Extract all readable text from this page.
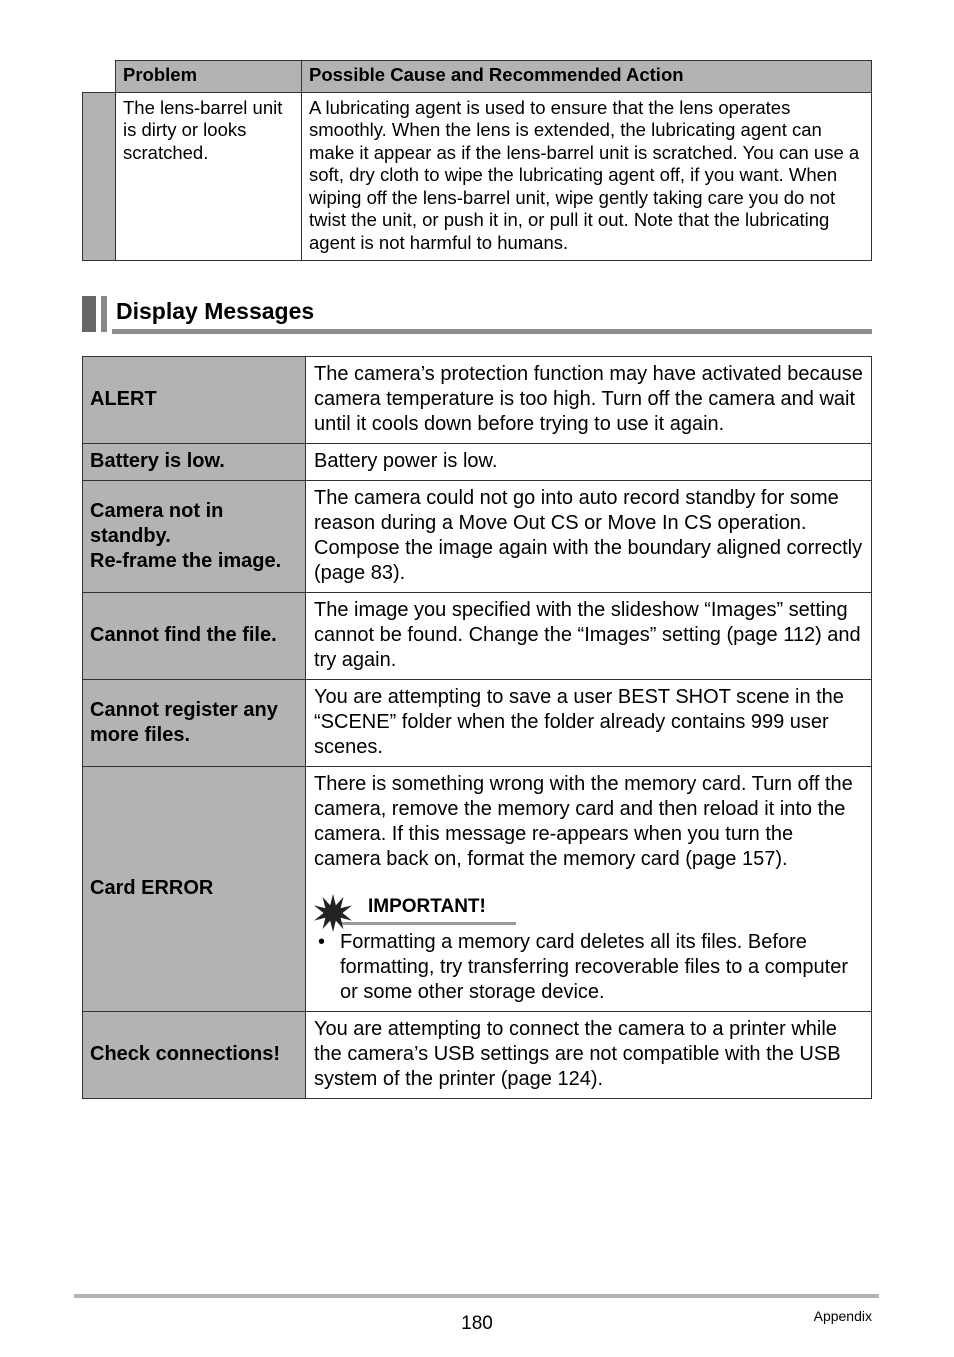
	Problem	Possible Cause and Recommended Action
	The lens-barrel unit is dirty or looks scratched.	A lubricating agent is used to ensure that the lens operates smoothly. When the lens is extended, the lubricating agent can make it appear as if the lens-barrel unit is scratched. You can use a soft, dry cloth to wipe the lubricating agent off, if you want. When wiping off the lens-barrel unit, wipe gently taking care you do not twist the unit, or push it in, or pull it out. Note that the lubricating agent is not harmful to humans.
Display Messages
ALERT	The camera’s protection function may have activated because camera temperature is too high. Turn off the camera and wait until it cools down before trying to use it again.
Battery is low.	Battery power is low.

Camera not in standby.
Re-frame the image.	The camera could not go into auto record standby for some reason during a Move Out CS or Move In CS operation. Compose the image again with the boundary aligned correctly (page 83).
Cannot find the file.	The image you specified with the slideshow “Images” setting cannot be found. Change the “Images” setting (page 112) and try again.
Cannot register any more files.	You are attempting to save a user BEST SHOT scene in the “SCENE” folder when the folder already contains 999 user scenes.
Card ERROR	There is something wrong with the memory card. Turn off the camera, remove the memory card and then reload it into the camera. If this message re-appears when you turn the camera back on, format the memory card (page 157).

IMPORTANT!
• Formatting a memory card deletes all its files. Before formatting, try transferring recoverable files to a computer or some other storage device.

Check connections!	You are attempting to connect the camera to a printer while the camera’s USB settings are not compatible with the USB system of the printer (page 124).
180	Appendix
